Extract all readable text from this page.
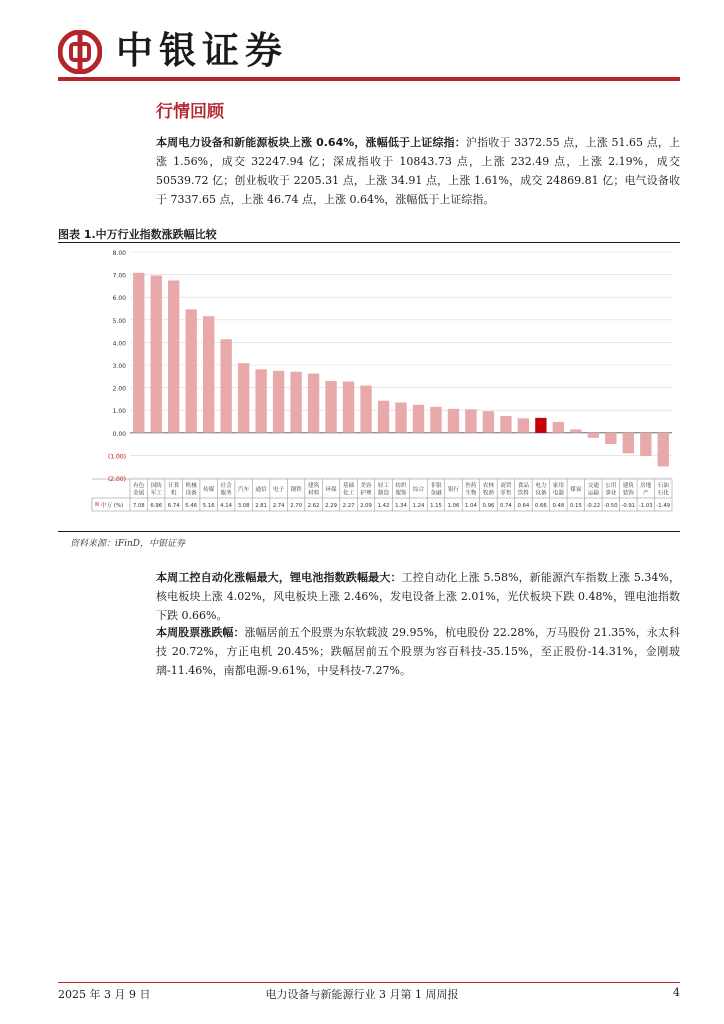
中银证券
行情回顾
本周电力设备和新能源板块上涨 0.64%，涨幅低于上证综指：沪指收于 3372.55 点，上涨 51.65 点，上涨 1.56%，成交 32247.94 亿；深成指收于 10843.73 点，上涨 232.49 点，上涨 2.19%，成交 50539.72 亿；创业板收于 2205.31 点，上涨 34.91 点，上涨 1.61%，成交 24869.81 亿；电气设备收于 7337.65 点，上涨 46.74 点，上涨 0.64%，涨幅低于上证综指。
图表 1.中万行业指数涨跌幅比较
8.00
7.00
6.00
5.00
4.00
3.00
2.00
1.00
0.00
(1.00)
(2.00)
中万 (%)
有色
金属
7.08
国防
军工
6.96
计算
机
6.74
机械
设备
5.46
传媒
5.16
社会
服务
4.14
汽车
3.08
通信
2.81
电子
2.74
钢铁
2.70
建筑
材料
2.62
环保
2.29
基础
化工
2.27
美容
护理
2.09
轻工
制造
1.42
纺织
服饰
1.34
综合
1.24
非银
金融
1.15
银行
1.06
医药
生物
1.04
农林
牧渔
0.96
商贸
零售
0.74
食品
饮料
0.64
电力
设备
0.66
家用
电器
0.48
煤炭
0.15
交通
运输
-0.22
公用
事业
-0.50
建筑
装饰
-0.91
房地
产
-1.03
石油
石化
-1.49
资料来源：iFinD，中银证券
本周工控自动化涨幅最大，锂电池指数跌幅最大：工控自动化上涨 5.58%，新能源汽车指数上涨 5.34%，核电板块上涨 4.02%，风电板块上涨 2.46%，发电设备上涨 2.01%，光伏板块下跌 0.48%，锂电池指数下跌 0.66%。
本周股票涨跌幅：涨幅居前五个股票为东软载波 29.95%，杭电股份 22.28%，万马股份 21.35%，永太科技 20.72%，方正电机 20.45%；跌幅居前五个股票为容百科技-35.15%，至正股份-14.31%，金刚玻璃-11.46%，南都电源-9.61%，中旻科技-7.27%。
2025 年 3 月 9 日	电力设备与新能源行业 3 月第 1 周周报	4
